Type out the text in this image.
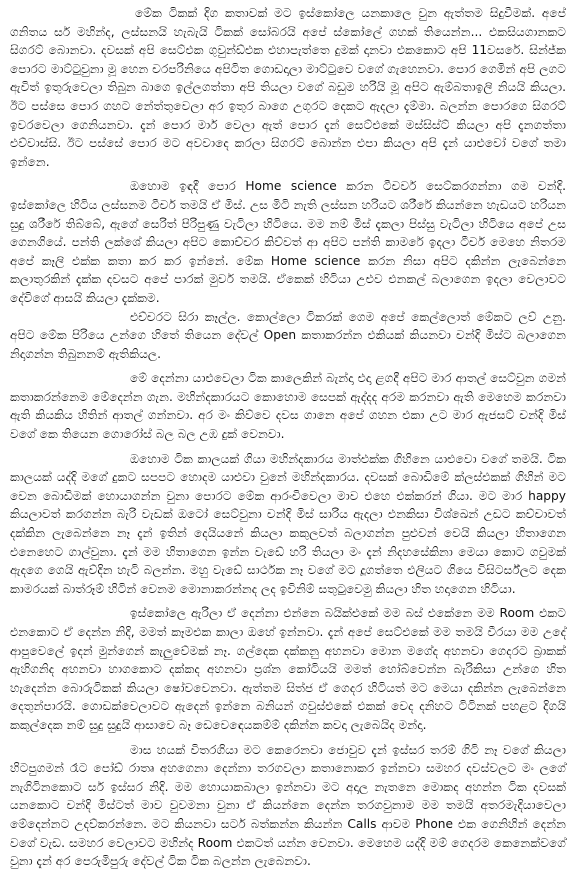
මේක ටිකක් දිග කතාවක් මට ඉස්කෝලෙ යනකාලෙ වුන ඇත්තම සිදුවීමක්. අපේ ගනිතය සර් මහින්ද, ලස්සනයි හැබැයි ටිකක් සෝබරයි අපේ ස්කෝලේ ගහක් තියෙන්න... එකසියගානකට සිගරට් බොනවා. දවසක් අපි සෙට්එක ගුවුන්ඩ්එක එහාපැත්තෙ දුමක් දානවා එකකොට අපි 11වසරේ. සින්ජ්ක පොරට මාට්ටුවුනා මූ හෙන චරපරිනියෙ අපිටිත ගොඩදාලා මාට්ටුවෙ වගේ ගැහෙනවා. පොර ගෙමින් අපි ලගට ඇවිත් ඉතුරුවෙලා තිබුන බාගෙ ඉල්ලගත්තා අපි තියලා වගේ බඩුම හරියි මූ අපිට ඇම්බතාඉලි නියයි කියලා. ඊට පස්සෙ පොර ගහට නේත්තුවෙලා අර ඉතුර බාගෙ උගුරට දෙකට ඇදලා දැම්මා. බලන්න පොරගෙ සිගරට් ඉවරවෙලා ගෙනියනවා. දැන් පොර මාර් වෙලා ඇත් පොර දැන් සෙට්එකේ මස්සිස්ට් කියලා අපි දැනගත්තා එව්වාස්සි. ඊට පස්සේ පොර මට අවවාදෙ කරලා සිගරට් බොන්න එපා කියලා අපි දැන් යාළුවෝ වගේ තමා ඉන්නෙ.

ඔහොම ඉඳදී පොර Home science කරන ටීචර්ව සෙට්කරගන්නා ගම චන්දි. ඉස්කෝලෙ හිටිය ලස්සනම ටීචර් තමයි ඒ මිස්. උස මිටි නැති ලස්සන හරියට ශරීරේ කියන්නෙ හැඩයට හරියන සුදු ශරීරේ තිබ්බේ, ඇගේ සෙරිත් පිරිපුණු වැටිලා හිටියෙ. මම නම් මිස් දැකලා පිස්සු වැටිලා හිටියෙ අපේ උස ගෙනගියේ. පන්ති ලක්ශේ කියලා අපිට කොච්චර කිව්වත් ආ අපිට පන්ති කාමරේ ඉදලා ටීචර් මෙහෙ නිතරම අපේ කෑලි එක්ක කතා කර කර ඉන්නේ. මේක Home science කරන නිසා අපිට දකින්න ලැබෙන්නෙ කලාතුරකින් දැක්ක දවසට අපේ පාරක් මුවර් තමයි. ඒකෙක් හිටියා උළුව එනකල් බලාගෙන ඉදලා වෙලාවට දේවිගේ ආසයි කියලා දැක්කම.

එච්චරට සිරා කෑල්ල. කොල්ලො ටිකරක් ගෙම අපේ කෙල්ලොත් මේකට ලව් උනු. අපිට මේක පිරියෙ උන්ගෙ හිතේ තියෙන දේවල් Open කතාකරන්න එකියක් කියනවා චන්දි මිස්ට බලාගෙන නිදාගන්න තිබුනනම් ඇතිකියල.

මේ දෙන්නා යාළුවෙලා ටික කාලෙකින් බැන්දා එදා ළගදී අපිට මාර ආතල් සෙට්වුන ගමන් කතාකරන්නෙම මේදෙන්න ගැන. මහින්දකාරයට කොහොම සෙපක් ඇද්දද අරම කරනවා ඇති මෙහෙම කරනවා ඇති කියකිය හිතින් ආතල් ගන්නවා. අර මං කිව්වෙ දවස ගානෙ අපේ ගහන එකා උට මාර ඇජසට් චන්දි මිස් වගේ කෙ තියෙන ගොරෝස් බල බල උඹ දුක් වෙනවා.

ඔහොම ටික කාලයක් ගියා මහින්දකාරය මාත්එක්ක ගිහිනෙ යාළුවො වගේ තමයි. ටික කාලයක් යද්දි මගේ දුකට සපපට හොදම යාළුවා වුනේ මහින්දකාරය. දවසක් බොඩිමේ ක්ලස්එකක් ගිහින් මට වෙන බොඩිමක් හොයාගන්න වුනා පොරට මේක ආරංචිවෙලා මාව එහෙ එක්කරන් ගියා. මට මාර happy කියලාවත් කරගන්න බැරි වැඩක් ඔටෝ සෙට්වුනා චන්දි මිස් සාරිය ඇදලා එනකිසා විශ්ඛෙන් උඩට කච්චාවත් දක්කින ලැබෙන්නෙ නෑ දැන් ඉතින් දෙයියනේ කියලා කකුලවත් බලාගන්න පුළුවන් වෙයි කියලා හිතාගෙන එනෙහෙට ගාල්වුනා. දැන් මම හිතාගෙන ඉන්න වැඩේ හරි තියලා මං දැන් නිදහසේකිනා මෙයා කොට ගවුමක් ඇදගෙ ගෙයි ඇව්දින හැටි බලන්න. මහු වැඩේ සාර්ථක නෑ වගේ මට දූගත්තෙ එලියට ගියෙ විසිටර්ස්ලට දෙක කාමරයක් බාත්රූම් හිටින් වෙනම මොනාකරන්නද ලද ඉවිනිම් සතුටුවෙමු කියලා හිත හදාගෙන හිටියා.

ඉස්කෝලෙ ඇරිලා ඒ දෙන්නා එන්නෙ බයික්එකේ මම බස් එකේනෙ මම Room එකට එනකොට ඒ දෙන්න නිදි, මමත් කෑමඑක කාලා ඔහේ ඉන්නවා. දැන් අපේ සෙට්එකේ මම තමයි වීරයා මම උදේ ආපුවෙලේ ඉදන් මුන්ගෙන් කැලුවේමක් නෑ. ගල්දෙක දක්කනු අහනවා මොන මගේද අහනවා ගෙදරට බ්‍රාකක් ඇහිගනිද අහනවා හාගකොට දක්කද අහනවා ප්‍රශ්න කෝටියයි මමත් හෝබ්වෙන්න බැරිකිසා උන්ගෙ හිත හැදෙන්න බොරුටිකක් කියලා ෂෝවවෙනවා. ඇත්තම සිත්ජ ඒ ගෙදර හිටියත් මට මෙයා දකින්න ලැබෙන්නෙ දෙතුන්පාරයි. ගොඩක්වෙලාවට ඇදෙන් ඉන්නෙ බනියන් ගවුස්එකේ එකක් වෙද දනිහට ටිටිනක් පහළට දිගයි කකුල්දෙක නම් සුදු සුදුයි ආසාවෙ බෑ ඩෙවෙඳෙයකම්ම් දකින්න කවදා ලැබෙයිද මන්දා.

මාස හයක් විතරගියා මට කෙරෙනවා ජොවුව දැන් ඉස්සර තරම් ගිටි නෑ වගේ කියලා හිටපුගමන් රෑට පෝඩ් රාත්‍රු අහගෙනා දෙන්නා තරගවලා කතානොකර ඉන්නවා සමහර දවස්වලට මං ලගේ නැගිටිනකොට සර් ඉස්සර නිදි. මම හොයාකබාලා ඉන්නවා මට අදාල නැතනෙ මොකද අහන්න ටික දවසක් යනකොට චන්දි මිස්ටත් මාව වුවමනා වුනා ඒ කියන්නෙ දෙන්න තරගවුනාම මම තමයි අතරමැදියාවෙලා මේදෙන්නට උදව්කරන්නෙ. මට කියනවා සර්ට බත්කන්න කියන්න Calls ආවම Phone එක ගෙනිහින් දෙන්න වගේ වැඩ. සමහර වෙලාවට මහින්ද Room එකටත් යන්න වෙනවා. මෙහෙම යද්දි මම් ගෙදරම කෙනෙක්වගේ වුනා දැන් අර පෙරුමිපුරු දේවල් ටික ටික බලන්න ලැබෙනවා.
